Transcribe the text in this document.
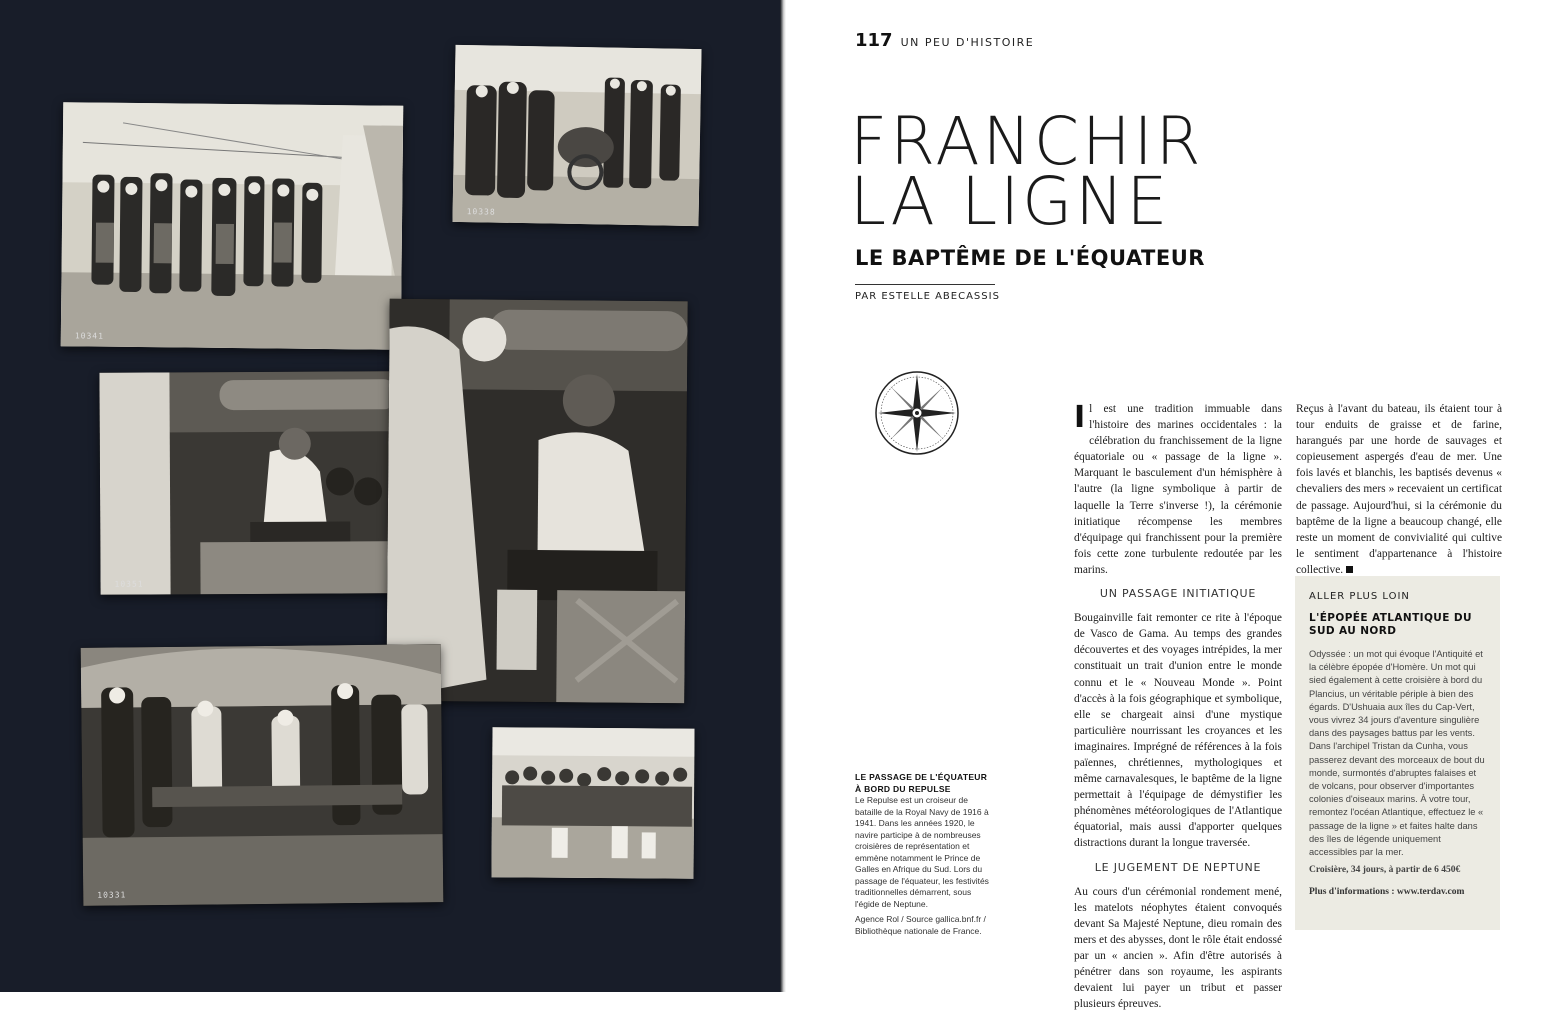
10341
10338
10351
10331
117 UN PEU D'HISTOIRE
FRANCHIR
LA LIGNE
LE BAPTÊME DE L'ÉQUATEUR
PAR ESTELLE ABECASSIS
LE PASSAGE DE L'ÉQUATEUR À BORD DU REPULSE
Le Repulse est un croiseur de bataille de la Royal Navy de 1916 à 1941. Dans les années 1920, le navire participe à de nombreuses croisières de représentation et emmène notamment le Prince de Galles en Afrique du Sud. Lors du passage de l'équateur, les festivités traditionnelles démarrent, sous l'égide de Neptune.
Agence Rol / Source gallica.bnf.fr / Bibliothèque nationale de France.

Il est une tradition immuable dans l'histoire des marines occidentales : la célébration du franchissement de la ligne équatoriale ou « passage de la ligne ». Marquant le basculement d'un hémisphère à l'autre (la ligne symbolique à partir de laquelle la Terre s'inverse !), la cérémonie initiatique récompense les membres d'équipage qui franchissent pour la première fois cette zone turbulente redoutée par les marins.

UN PASSAGE INITIATIQUE

Bougainville fait remonter ce rite à l'époque de Vasco de Gama. Au temps des grandes découvertes et des voyages intrépides, la mer constituait un trait d'union entre le monde connu et le « Nouveau Monde ». Point d'accès à la fois géographique et symbolique, elle se chargeait ainsi d'une mystique particulière nourrissant les croyances et les imaginaires. Imprégné de références à la fois païennes, chrétiennes, mythologiques et même carnavalesques, le baptême de la ligne permettait à l'équipage de démystifier les phénomènes météorologiques de l'Atlantique équatorial, mais aussi d'apporter quelques distractions durant la longue traversée.

LE JUGEMENT DE NEPTUNE

Au cours d'un cérémonial rondement mené, les matelots néophytes étaient convoqués devant Sa Majesté Neptune, dieu romain des mers et des abysses, dont le rôle était endossé par un « ancien ». Afin d'être autorisés à pénétrer dans son royaume, les aspirants devaient lui payer un tribut et passer plusieurs épreuves.

Reçus à l'avant du bateau, ils étaient tour à tour enduits de graisse et de farine, harangués par une horde de sauvages et copieusement aspergés d'eau de mer. Une fois lavés et blanchis, les baptisés devenus « chevaliers des mers » recevaient un certificat de passage. Aujourd'hui, si la cérémonie du baptême de la ligne a beaucoup changé, elle reste un moment de convivialité qui cultive le sentiment d'appartenance à l'histoire collective.

ALLER PLUS LOIN
L'ÉPOPÉE ATLANTIQUE DU SUD AU NORD
Odyssée : un mot qui évoque l'Antiquité et la célèbre épopée d'Homère. Un mot qui sied également à cette croisière à bord du Plancius, un véritable périple à bien des égards. D'Ushuaia aux îles du Cap-Vert, vous vivrez 34 jours d'aventure singulière dans des paysages battus par les vents. Dans l'archipel Tristan da Cunha, vous passerez devant des morceaux de bout du monde, surmontés d'abruptes falaises et de volcans, pour observer d'importantes colonies d'oiseaux marins. À votre tour, remontez l'océan Atlantique, effectuez le « passage de la ligne » et faites halte dans des îles de légende uniquement accessibles par la mer.
Croisière, 34 jours, à partir de 6 450€
Plus d'informations : www.terdav.com
